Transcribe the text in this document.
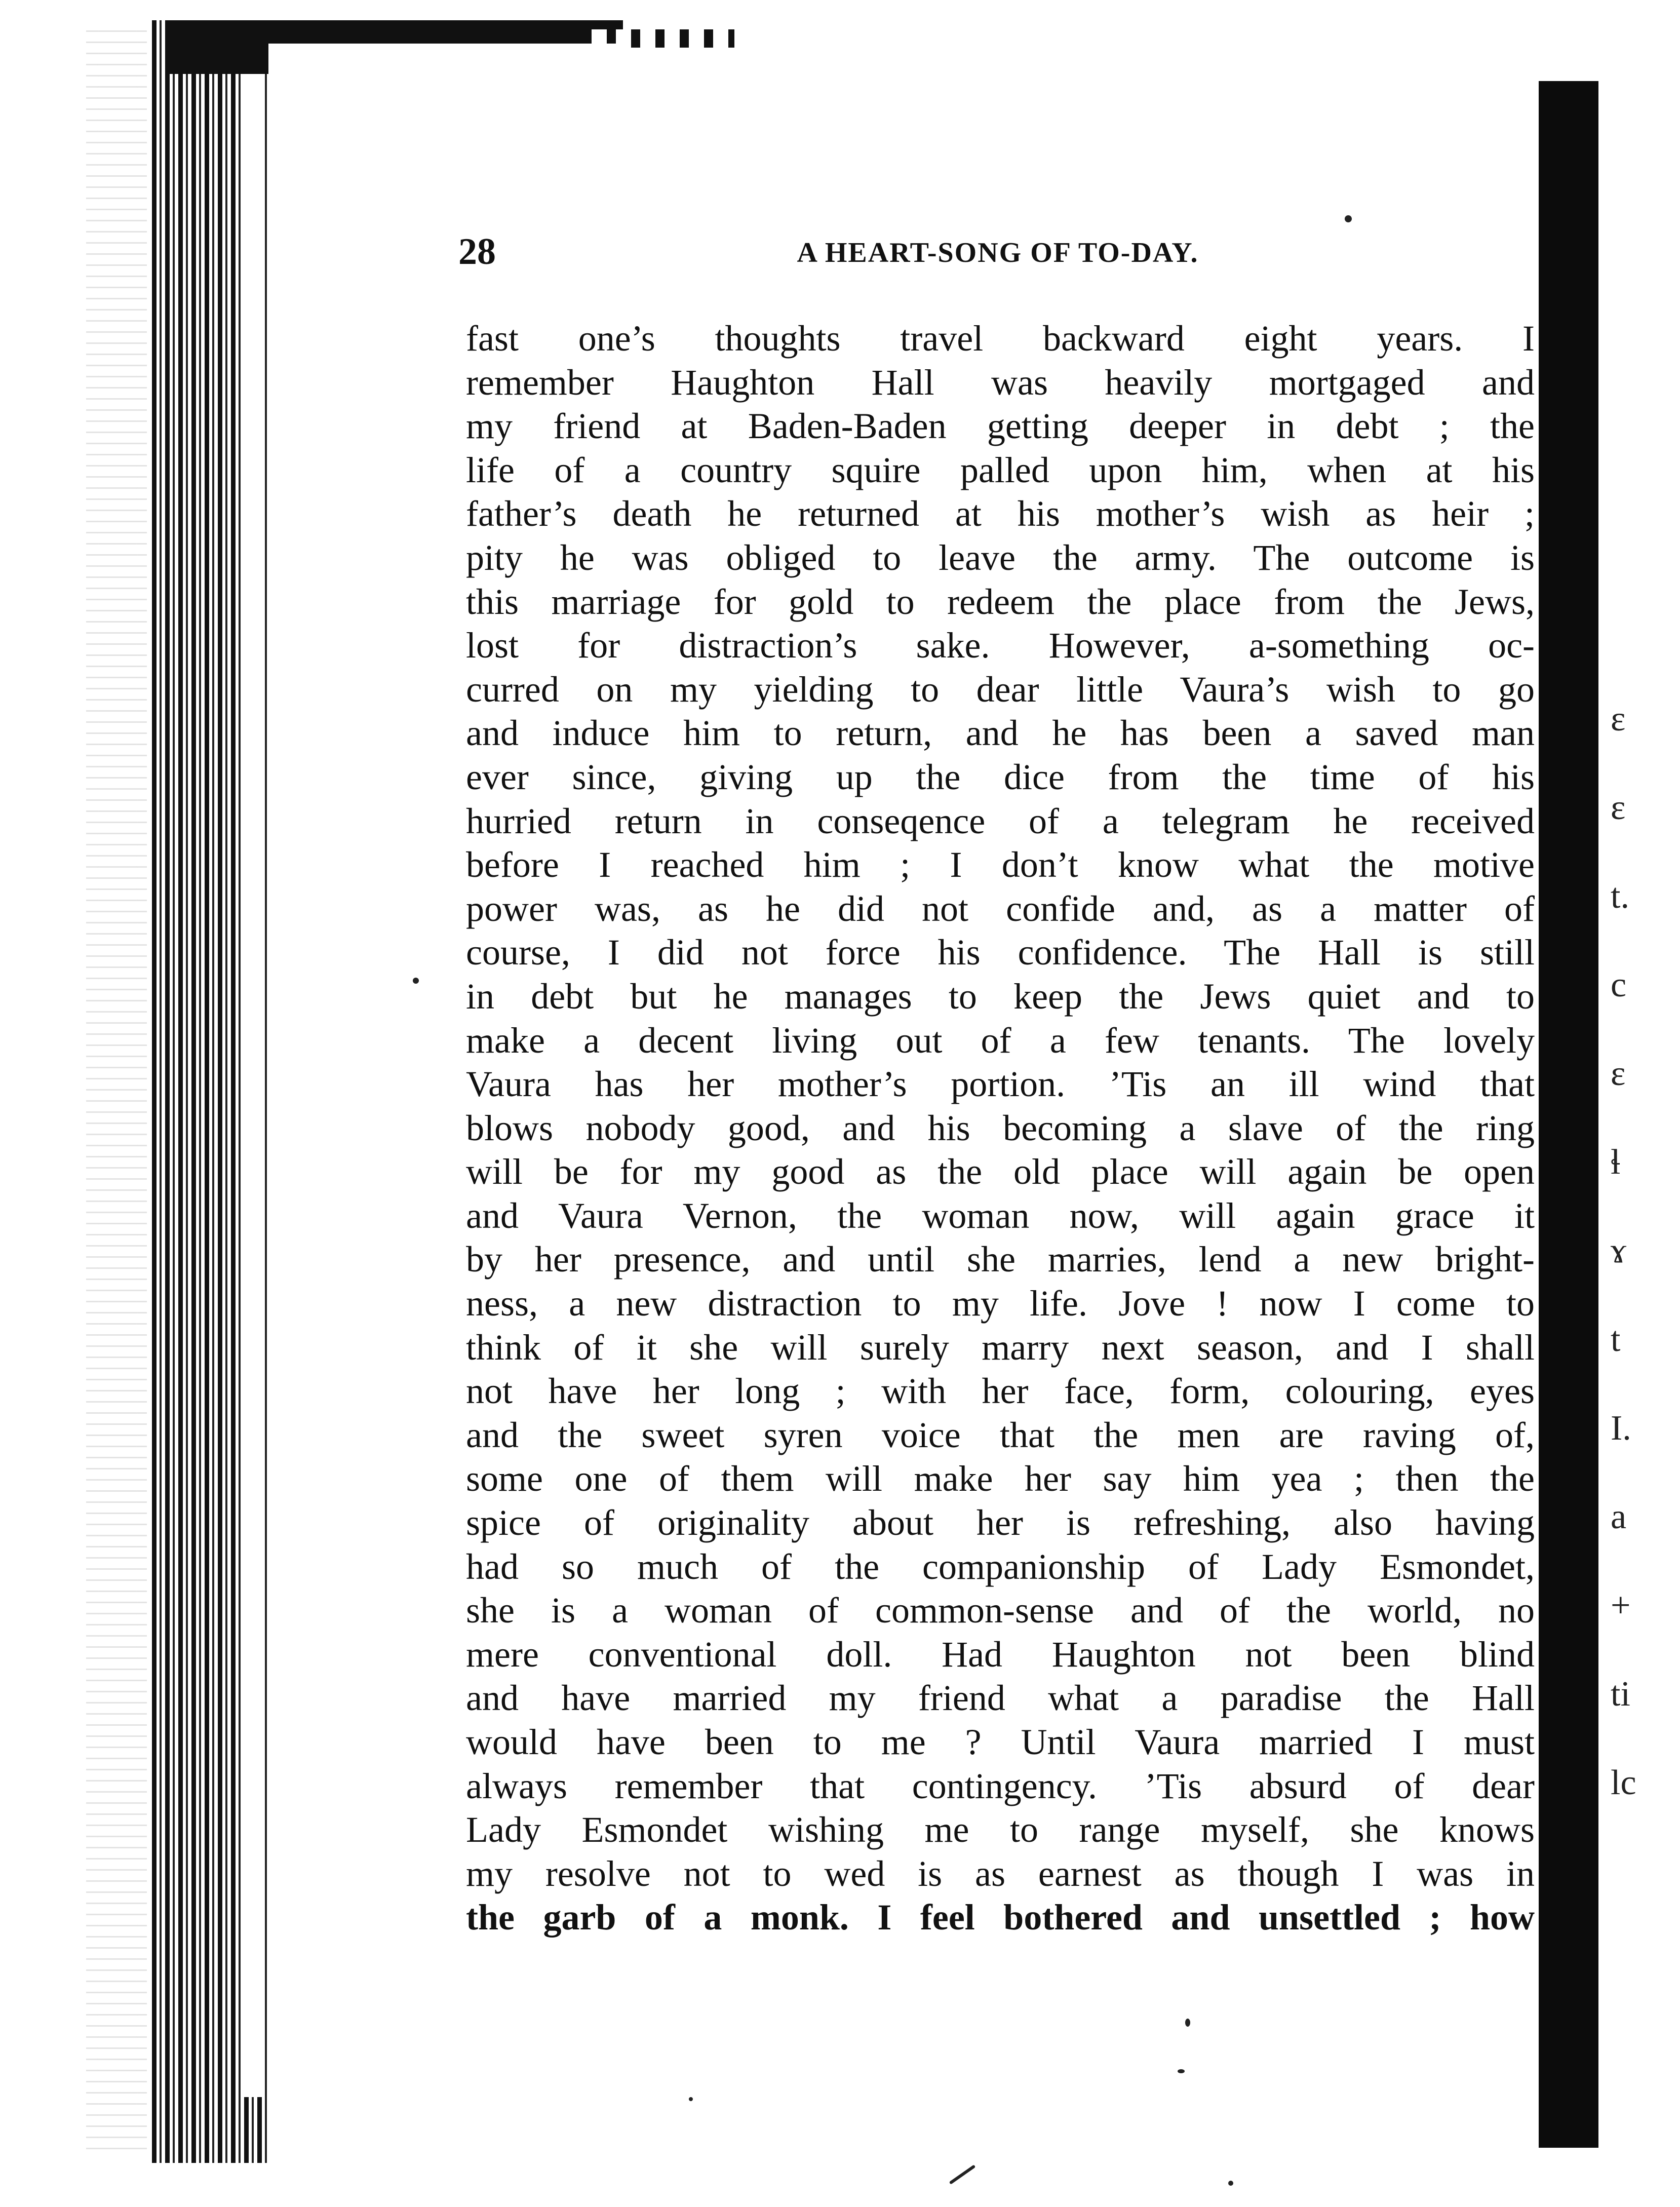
ɛ
ɛ
t.
c
ɛ
ɬ
ɤ
t
I.
a
+
ti
lc
28	A HEART-SONG OF TO-DAY.
fast one’s thoughts travel backward eight years. I
remember Haughton Hall was heavily mortgaged and
my friend at Baden-Baden getting deeper in debt ; the
life of a country squire palled upon him, when at his
father’s death he returned at his mother’s wish as heir ;
pity he was obliged to leave the army. The outcome is
this marriage for gold to redeem the place from the Jews,
lost for distraction’s sake. However, a-something oc-
curred on my yielding to dear little Vaura’s wish to go
and induce him to return, and he has been a saved man
ever since, giving up the dice from the time of his
hurried return in conseqence of a telegram he received
before I reached him ; I don’t know what the motive
power was, as he did not confide and, as a matter of
course, I did not force his confidence. The Hall is still
in debt but he manages to keep the Jews quiet and to
make a decent living out of a few tenants. The lovely
Vaura has her mother’s portion. ’Tis an ill wind that
blows nobody good, and his becoming a slave of the ring
will be for my good as the old place will again be open
and Vaura Vernon, the woman now, will again grace it
by her presence, and until she marries, lend a new bright-
ness, a new distraction to my life. Jove ! now I come to
think of it she will surely marry next season, and I shall
not have her long ; with her face, form, colouring, eyes
and the sweet syren voice that the men are raving of,
some one of them will make her say him yea ; then the
spice of originality about her is refreshing, also having
had so much of the companionship of Lady Esmondet,
she is a woman of common-sense and of the world, no
mere conventional doll. Had Haughton not been blind
and have married my friend what a paradise the Hall
would have been to me ? Until Vaura married I must
always remember that contingency. ’Tis absurd of dear
Lady Esmondet wishing me to range myself, she knows
my resolve not to wed is as earnest as though I was in
the garb of a monk. I feel bothered and unsettled ; how
